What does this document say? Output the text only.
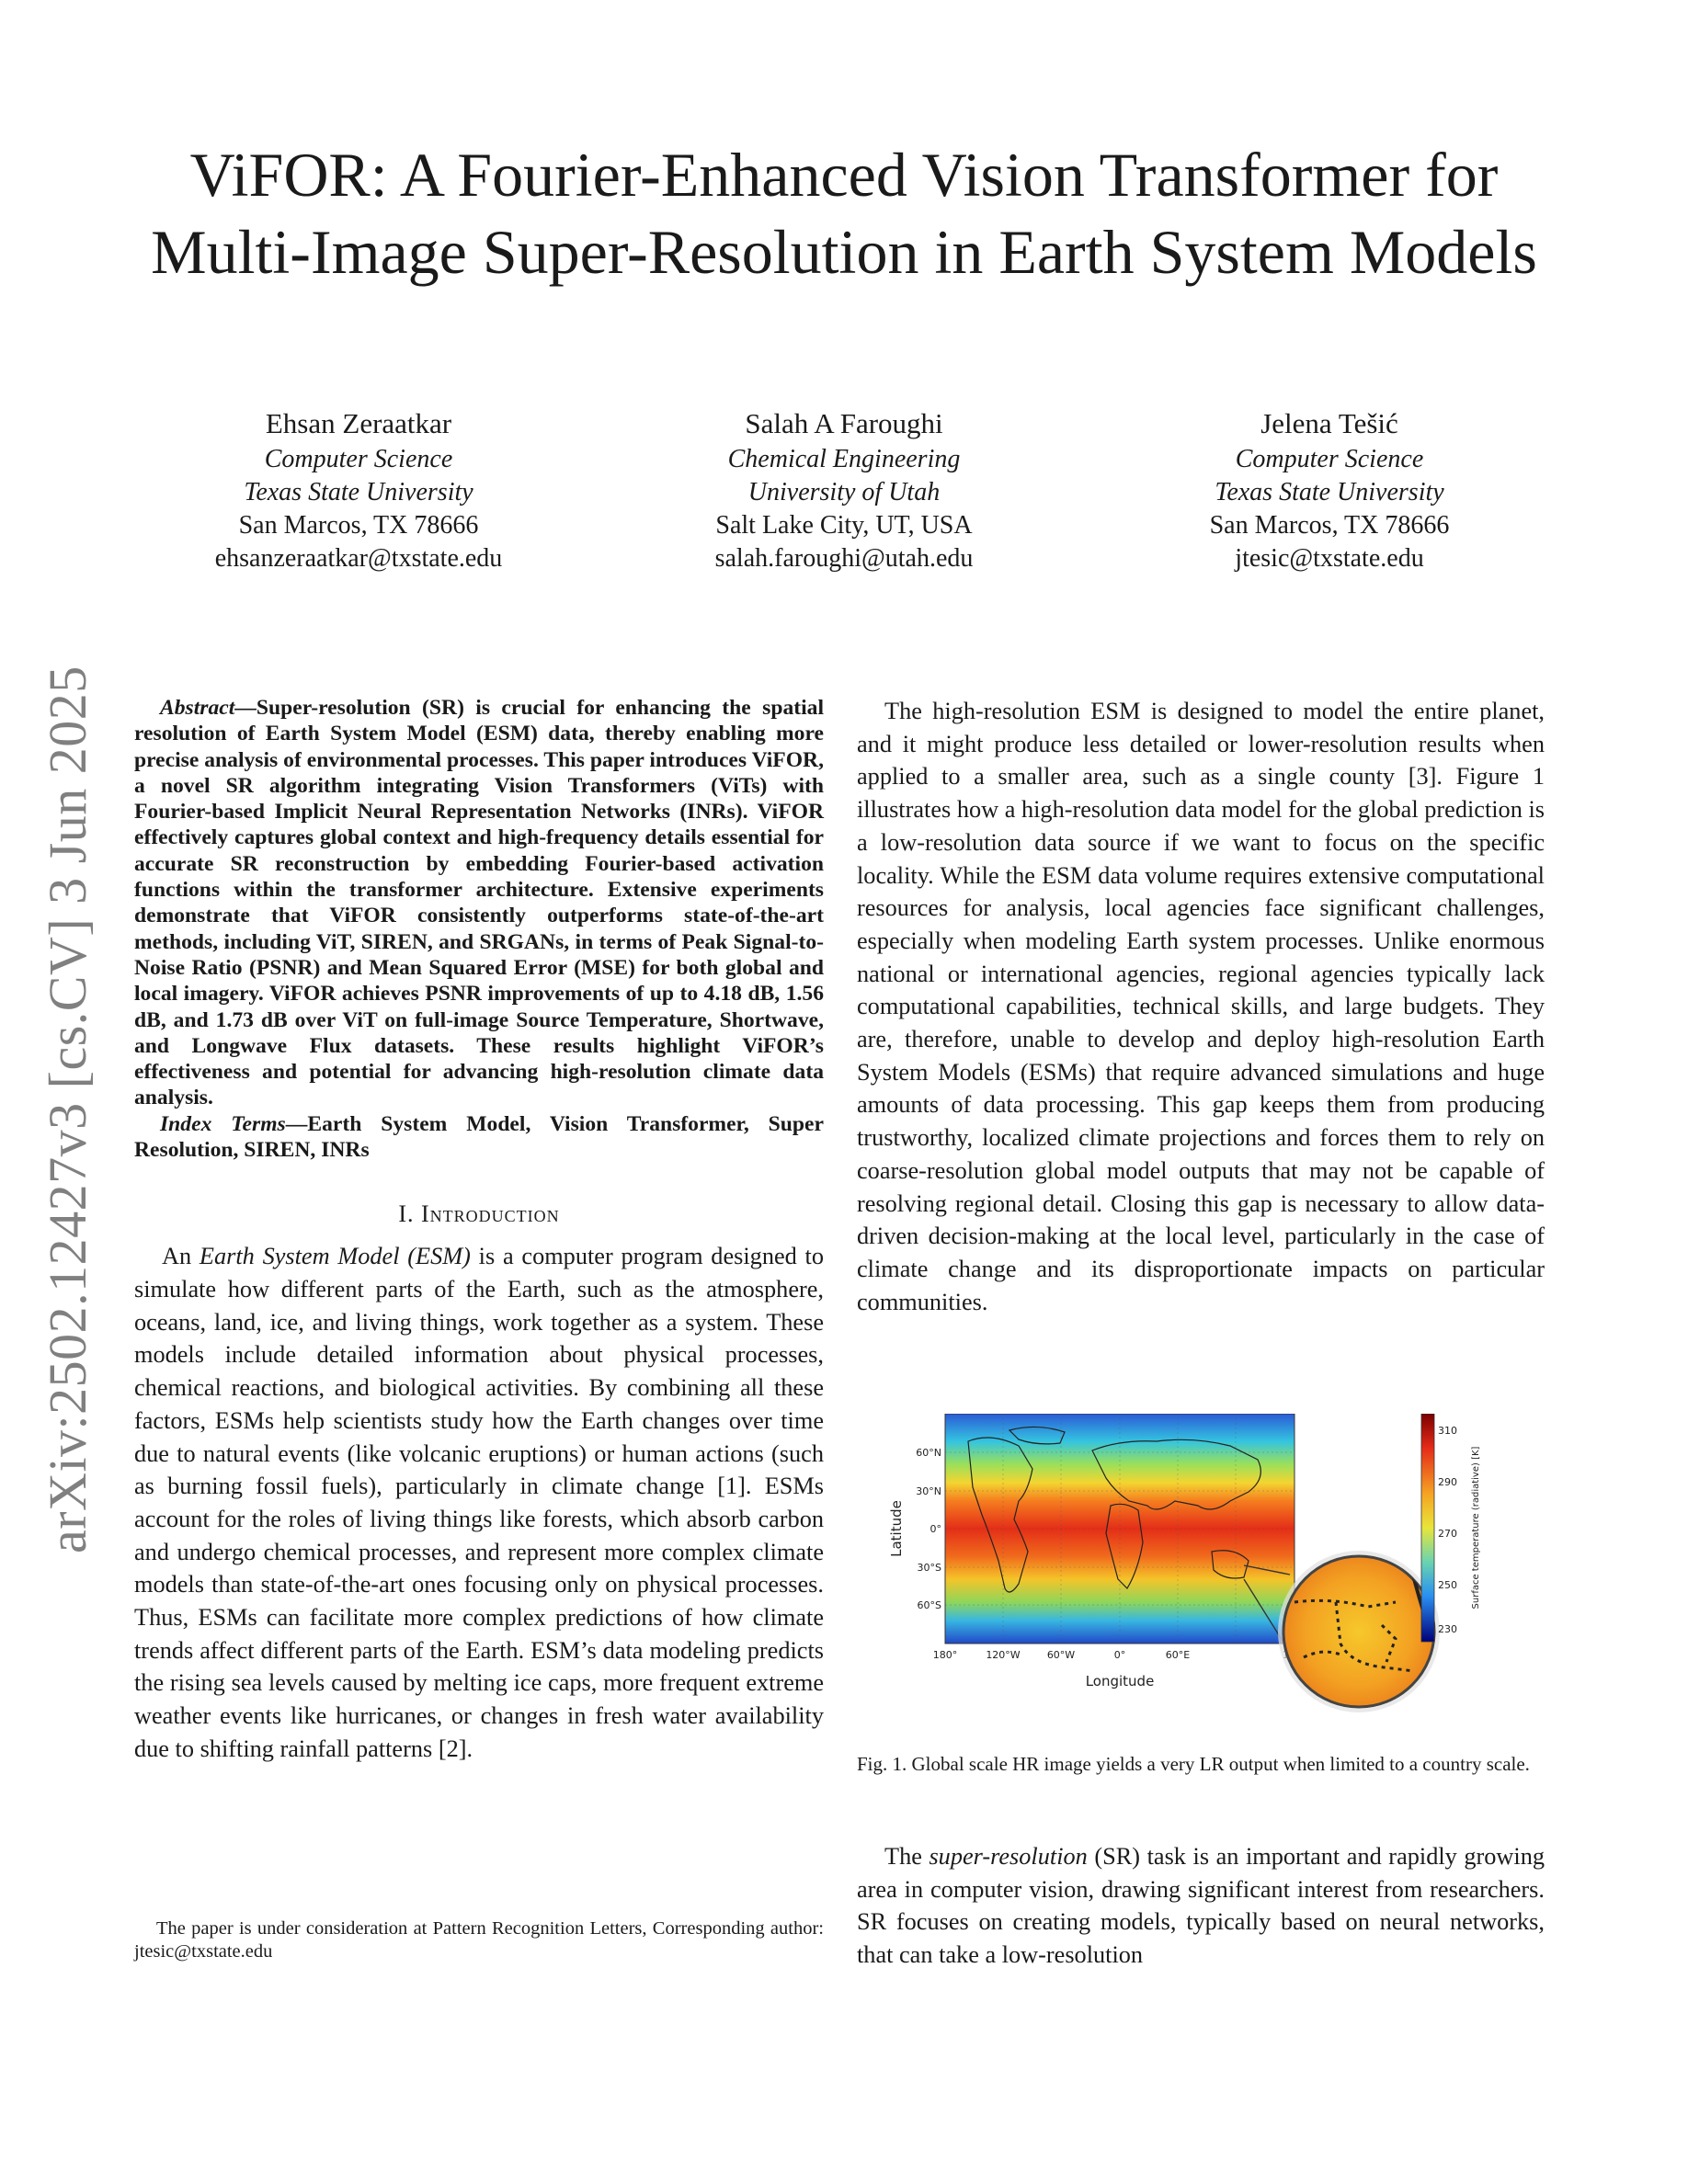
arXiv:2502.12427v3 [cs.CV] 3 Jun 2025
ViFOR: A Fourier-Enhanced Vision Transformer for Multi-Image Super-Resolution in Earth System Models
Ehsan Zeraatkar
Computer Science
Texas State University
San Marcos, TX 78666
ehsanzeraatkar@txstate.edu
Salah A Faroughi
Chemical Engineering
University of Utah
Salt Lake City, UT, USA
salah.faroughi@utah.edu
Jelena Tešić
Computer Science
Texas State University
San Marcos, TX 78666
jtesic@txstate.edu

Abstract—Super-resolution (SR) is crucial for enhancing the spatial resolution of Earth System Model (ESM) data, thereby enabling more precise analysis of environmental processes. This paper introduces ViFOR, a novel SR algorithm integrating Vision Transformers (ViTs) with Fourier-based Implicit Neural Representation Networks (INRs). ViFOR effectively captures global context and high-frequency details essential for accurate SR reconstruction by embedding Fourier-based activation functions within the transformer architecture. Extensive experiments demonstrate that ViFOR consistently outperforms state-of-the-art methods, including ViT, SIREN, and SRGANs, in terms of Peak Signal-to-Noise Ratio (PSNR) and Mean Squared Error (MSE) for both global and local imagery. ViFOR achieves PSNR improvements of up to 4.18 dB, 1.56 dB, and 1.73 dB over ViT on full-image Source Temperature, Shortwave, and Longwave Flux datasets. These results highlight ViFOR’s effectiveness and potential for advancing high-resolution climate data analysis.

Index Terms—Earth System Model, Vision Transformer, Super Resolution, SIREN, INRs

I. Introduction

An Earth System Model (ESM) is a computer program designed to simulate how different parts of the Earth, such as the atmosphere, oceans, land, ice, and living things, work together as a system. These models include detailed information about physical processes, chemical reactions, and biological activities. By combining all these factors, ESMs help scientists study how the Earth changes over time due to natural events (like volcanic eruptions) or human actions (such as burning fossil fuels), particularly in climate change [1]. ESMs account for the roles of living things like forests, which absorb carbon and undergo chemical processes, and represent more complex climate models than state-of-the-art ones focusing only on physical processes. Thus, ESMs can facilitate more complex predictions of how climate trends affect different parts of the Earth. ESM’s data modeling predicts the rising sea levels caused by melting ice caps, more frequent extreme weather events like hurricanes, or changes in fresh water availability due to shifting rainfall patterns [2].

The paper is under consideration at Pattern Recognition Letters, Corresponding author: jtesic@txstate.edu

The high-resolution ESM is designed to model the entire planet, and it might produce less detailed or lower-resolution results when applied to a smaller area, such as a single county [3]. Figure 1 illustrates how a high-resolution data model for the global prediction is a low-resolution data source if we want to focus on the specific locality. While the ESM data volume requires extensive computational resources for analysis, local agencies face significant challenges, especially when modeling Earth system processes. Unlike enormous national or international agencies, regional agencies typically lack computational capabilities, technical skills, and large budgets. They are, therefore, unable to develop and deploy high-resolution Earth System Models (ESMs) that require advanced simulations and huge amounts of data processing. This gap keeps them from producing trustworthy, localized climate projections and forces them to rely on coarse-resolution global model outputs that may not be capable of resolving regional detail. Closing this gap is necessary to allow data-driven decision-making at the local level, particularly in the case of climate change and its disproportionate impacts on particular communities.

60°N
30°N
0°
30°S
60°S
Latitude
180°	120°W	60°W	0°	60°E
Longitude
310
290
270
250
230
Surface temperature (radiative) [K]
Fig. 1. Global scale HR image yields a very LR output when limited to a country scale.

The super-resolution (SR) task is an important and rapidly growing area in computer vision, drawing significant interest from researchers. SR focuses on creating models, typically based on neural networks, that can take a low-resolution
